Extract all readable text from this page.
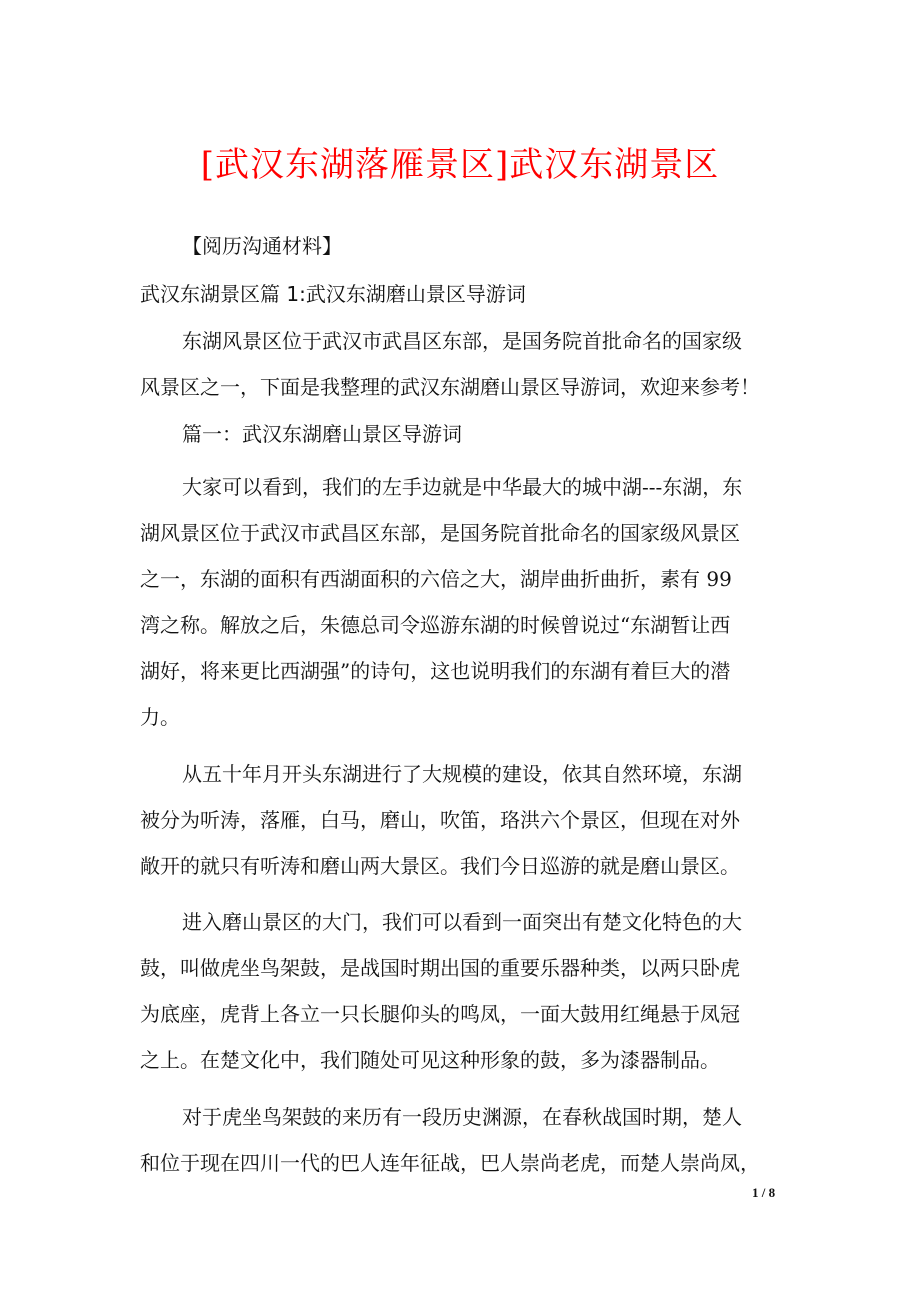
[武汉东湖落雁景区]武汉东湖景区
【阅历沟通材料】
武汉东湖景区篇 1:武汉东湖磨山景区导游词
东湖风景区位于武汉市武昌区东部，是国务院首批命名的国家级
风景区之一，下面是我整理的武汉东湖磨山景区导游词，欢迎来参考！
篇一：武汉东湖磨山景区导游词
大家可以看到，我们的左手边就是中华最大的城中湖---东湖，东
湖风景区位于武汉市武昌区东部，是国务院首批命名的国家级风景区
之一，东湖的面积有西湖面积的六倍之大，湖岸曲折曲折，素有 99
湾之称。解放之后，朱德总司令巡游东湖的时候曾说过“东湖暂让西
湖好，将来更比西湖强”的诗句，这也说明我们的东湖有着巨大的潜
力。
从五十年月开头东湖进行了大规模的建设，依其自然环境，东湖
被分为听涛，落雁，白马，磨山，吹笛，珞洪六个景区，但现在对外
敞开的就只有听涛和磨山两大景区。我们今日巡游的就是磨山景区。
进入磨山景区的大门，我们可以看到一面突出有楚文化特色的大
鼓，叫做虎坐鸟架鼓，是战国时期出国的重要乐器种类，以两只卧虎
为底座，虎背上各立一只长腿仰头的鸣凤，一面大鼓用红绳悬于凤冠
之上。在楚文化中，我们随处可见这种形象的鼓，多为漆器制品。
对于虎坐鸟架鼓的来历有一段历史渊源，在春秋战国时期，楚人
和位于现在四川一代的巴人连年征战，巴人崇尚老虎，而楚人崇尚凤，
1 / 8
